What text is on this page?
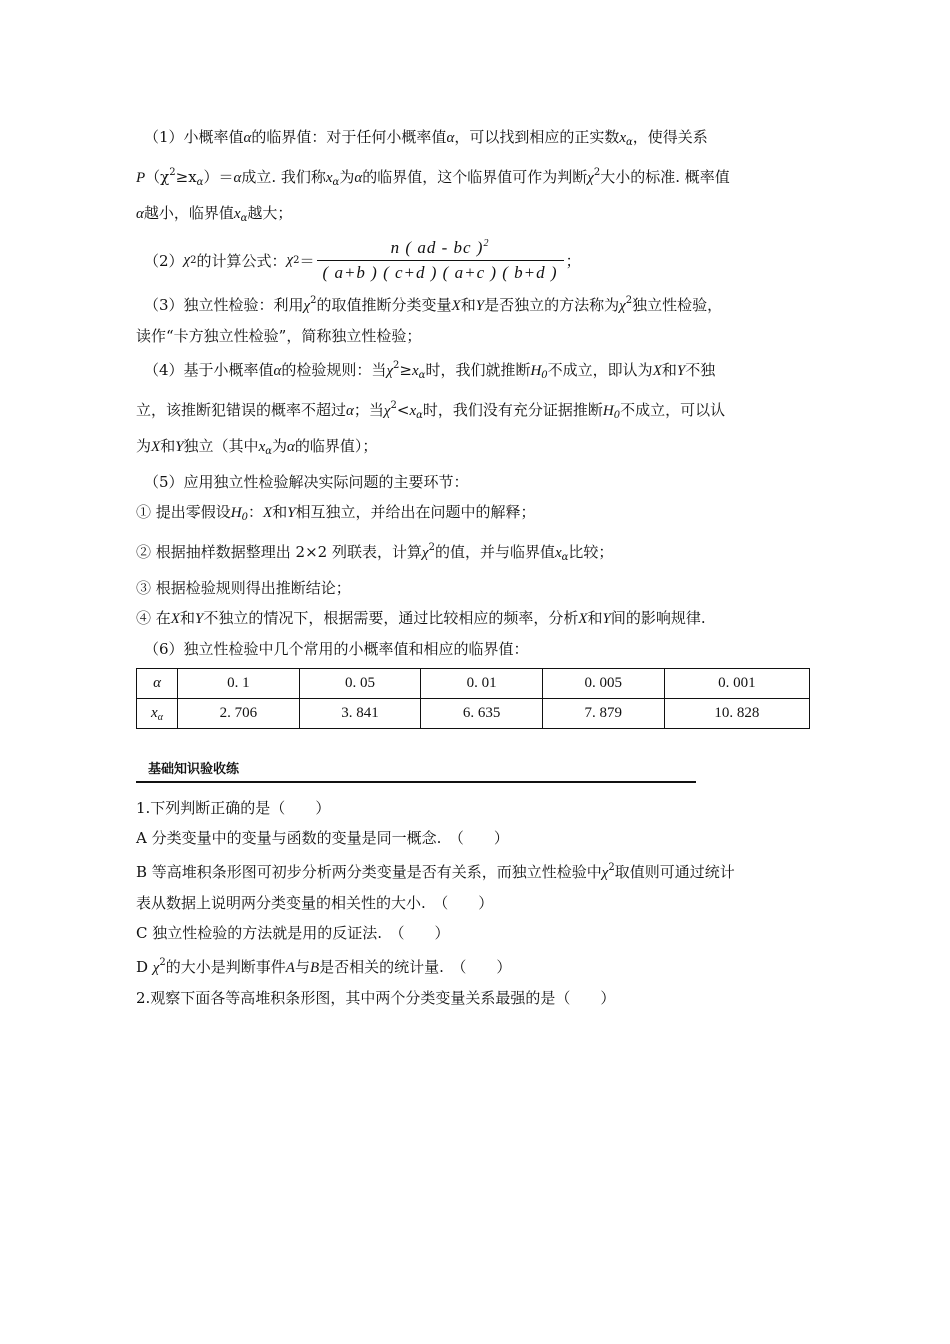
（1）小概率值α的临界值：对于任何小概率值α，可以找到相应的正实数$x_\alpha$，使得关系
$P(\chi^2\ge x_\alpha)=\alpha$成立. 我们称$x_\alpha$为α的临界值，这个临界值可作为判断$\chi^2$大小的标准. 概率值
α越小，临界值$x_\alpha$越大；
（2） χ 2 的计算公式： χ $2 = \frac{n ( ad - bc )^2}{( a+b ) ( c+d ) ( a+c ) ( b+d )}$ ；
（3）独立性检验：利用$\chi^2$的取值推断分类变量X和Y是否独立的方法称为$\chi^2$独立性检验，
读作“卡方独立性检验”，简称独立性检验；
（4）基于小概率值α的检验规则：当$\chi^2\ge x_\alpha$时，我们就推断$H_0$不成立，即认为X和Y不独
立，该推断犯错误的概率不超过α；当$\chi^2<x_\alpha$时，我们没有充分证据推断$H_0$不成立，可以认
为X和Y独立（其中$x_\alpha$为α的临界值）；
（5）应用独立性检验解决实际问题的主要环节：
① 提出零假设$H_0$：X和Y相互独立，并给出在问题中的解释；
② 根据抽样数据整理出 2×2 列联表，计算$\chi^2$的值，并与临界值$x_\alpha$比较；
③ 根据检验规则得出推断结论；
④ 在X和Y不独立的情况下，根据需要，通过比较相应的频率，分析X和Y间的影响规律.
（6）独立性检验中几个常用的小概率值和相应的临界值：
α	0. 1	0. 05	0. 01	0. 005	0. 001
$x_\alpha$	2. 706	3. 841	6. 635	7. 879	10. 828
基础知识验收练
1.下列判断正确的是（　　）
A 分类变量中的变量与函数的变量是同一概念.　（　　）
B 等高堆积条形图可初步分析两分类变量是否有关系，而独立性检验中$\chi^2$取值则可通过统计
表从数据上说明两分类变量的相关性的大小.　（　　）
C 独立性检验的方法就是用的反证法.　（　　）
D $\chi^2$的大小是判断事件A与B是否相关的统计量.　（　　）
2.观察下面各等高堆积条形图，其中两个分类变量关系最强的是（　　）
